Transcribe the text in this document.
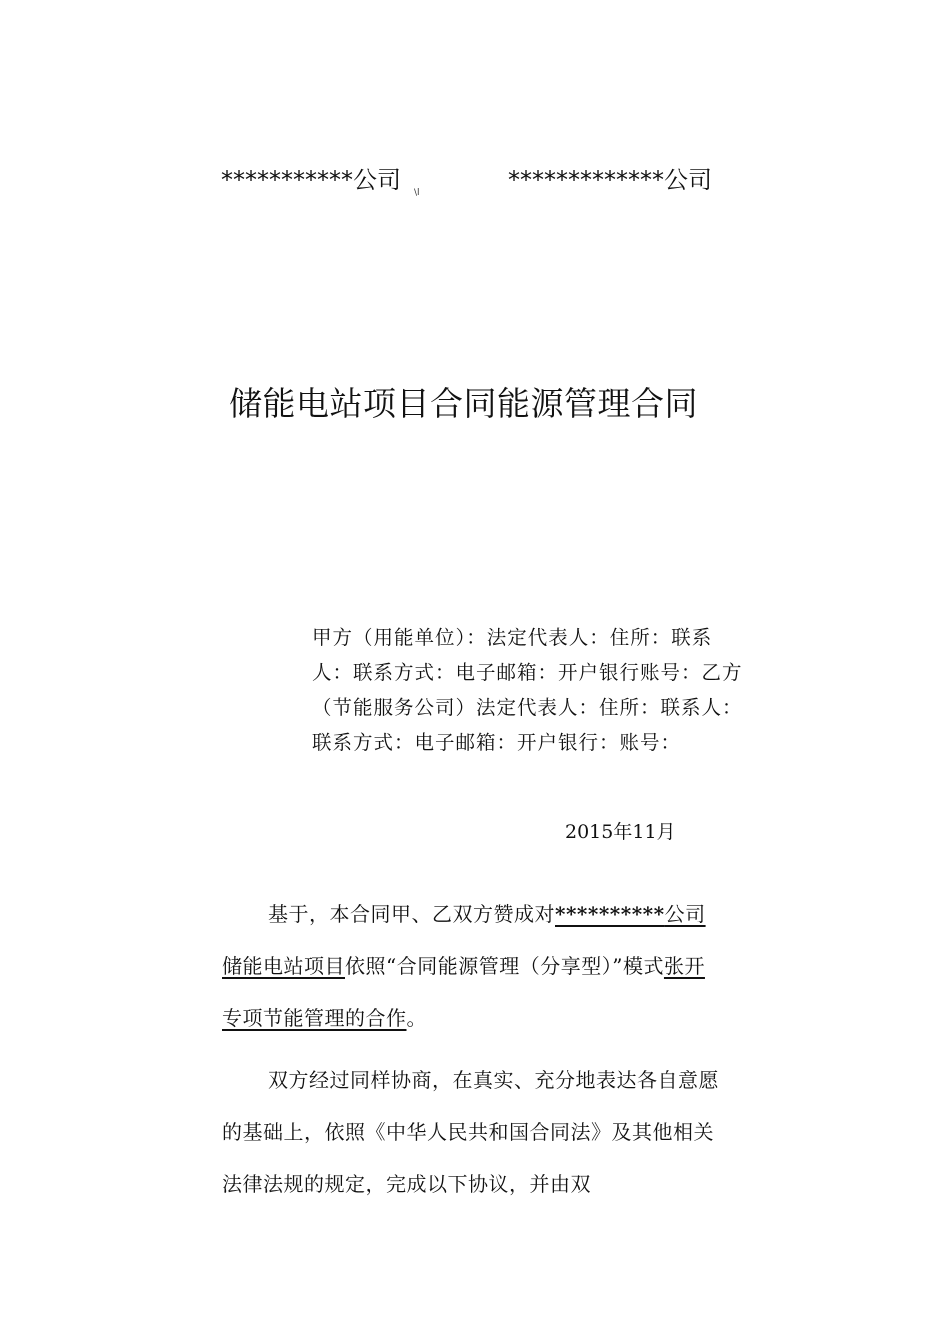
***********公司 \l	*************公司
储能电站项目合同能源管理合同
甲方（用能单位）：法定代表人：住所：联系人：联系方式：电子邮箱：开户银行账号：乙方（节能服务公司）法定代表人：住所：联系人：联系方式：电子邮箱：开户银行：账号：
2015年11月
基于，本合同甲、乙双方赞成对**********公司储能电站项目依照“合同能源管理（分享型）”模式张开专项节能管理的合作。
双方经过同样协商，在真实、充分地表达各自意愿的基础上，依照《中华人民共和国合同法》及其他相关法律法规的规定，完成以下协议，并由双
